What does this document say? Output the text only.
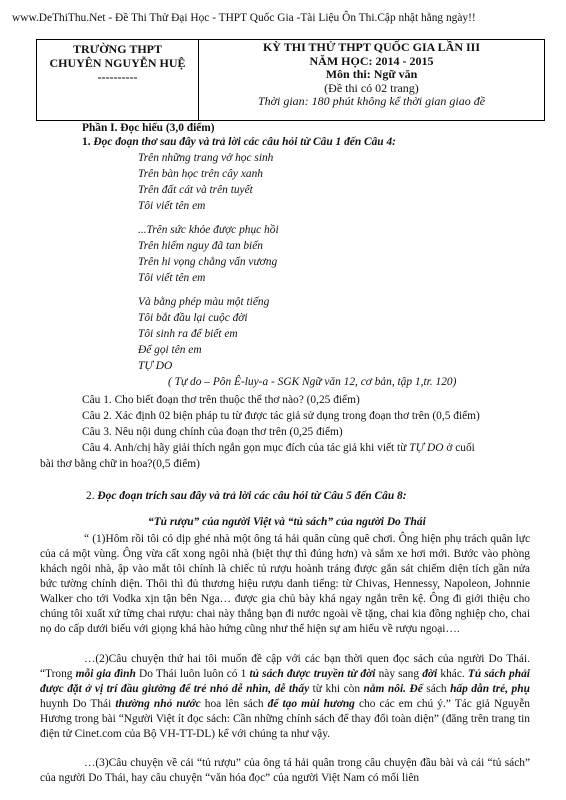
www.DeThiThu.Net - Đề Thi Thử Đại Học - THPT Quốc Gia -Tài Liệu Ôn Thi.Cập nhật hằng ngày!!
TRƯỜNG THPT
CHUYÊN NGUYỄN HUỆ
----------

KỲ THI THỬ THPT QUỐC GIA LẦN III
NĂM HỌC: 2014 - 2015
Môn thi: Ngữ văn
(Đề thi có 02 trang)
Thời gian: 180 phút không kể thời gian giao đề
Phần I. Đọc hiểu (3,0 điểm)
1. Đọc đoạn thơ sau đây và trả lời các câu hỏi từ Câu 1 đến Câu 4:
Trên những trang vở học sinh
Trên bàn học trên cây xanh
Trên đất cát và trên tuyết
Tôi viết tên em
...Trên sức khỏe được phục hồi
Trên hiểm nguy đã tan biến
Trên hi vọng chẳng vấn vương
Tôi viết tên em
Và bằng phép màu một tiếng
Tôi bắt đầu lại cuộc đời
Tôi sinh ra để biết em
Để gọi tên em
TỰ DO
( Tự do – Pôn Ê-luy-a - SGK Ngữ văn 12, cơ bản, tập 1,tr. 120)
Câu 1. Cho biết đoạn thơ trên thuộc thể thơ nào? (0,25 điểm)
Câu 2. Xác định 02 biện pháp tu từ được tác giả sử dụng trong đoạn thơ trên (0,5 điểm)
Câu 3. Nêu nội dung chính của đoạn thơ trên (0,25 điểm)
Câu 4. Anh/chị hãy giải thích ngắn gọn mục đích của tác giả khi viết từ TỰ DO ở cuối
bài thơ bằng chữ in hoa?(0,5 điểm)
2. Đọc đoạn trích sau đây và trả lời các câu hỏi từ Câu 5 đến Câu 8:
“Tủ rượu” của người Việt và “tủ sách” của người Do Thái

“ (1)Hôm rồi tôi có dịp ghé nhà một ông tá hải quân cùng quê chơi. Ông hiện phụ trách quân lực của cả một vùng. Ông vừa cất xong ngôi nhà (biệt thự thì đúng hơn) và sắm xe hơi mới. Bước vào phòng khách ngôi nhà, ập vào mắt tôi chính là chiếc tủ rượu hoành tráng được gắn sát chiếm diện tích gần nửa bức tường chính diện. Thôi thì đủ thương hiệu rượu danh tiếng: từ Chivas, Hennessy, Napoleon, Johnnie Walker cho tới Vodka xịn tận bên Nga… được gia chủ bày khá ngay ngắn trên kệ. Ông đi giới thiệu cho chúng tôi xuất xứ từng chai rượu: chai này thắng bạn đi nước ngoài về tặng, chai kia đồng nghiệp cho, chai nọ do cấp dưới biếu với giọng khá hào hứng cũng như thể hiện sự am hiểu về rượu ngoại….

…(2)Câu chuyện thứ hai tôi muốn đề cập với các bạn thời quen đọc sách của người Do Thái. “Trong mỗi gia đình Do Thái luôn luôn có 1 tủ sách được truyền từ đời này sang đời khác. Tủ sách phải được đặt ở vị trí đầu giường để trẻ nhỏ dễ nhìn, dễ thấy từ khi còn nằm nôi. Để sách hấp dẫn trẻ, phụ huynh Do Thái thường nhỏ nước hoa lên sách để tạo mùi hương cho các em chú ý.” Tác giả Nguyễn Hương trong bài “Người Việt ít đọc sách: Cần những chính sách để thay đổi toàn diện” (đăng trên trang tin điện tử Cinet.com của Bộ VH-TT-DL) kể với chúng ta như vậy.

…(3)Câu chuyện về cái “tủ rượu” của ông tá hải quân trong câu chuyện đầu bài và cái “tủ sách” của người Do Thái, hay câu chuyện “văn hóa đọc” của người Việt Nam có mối liên
